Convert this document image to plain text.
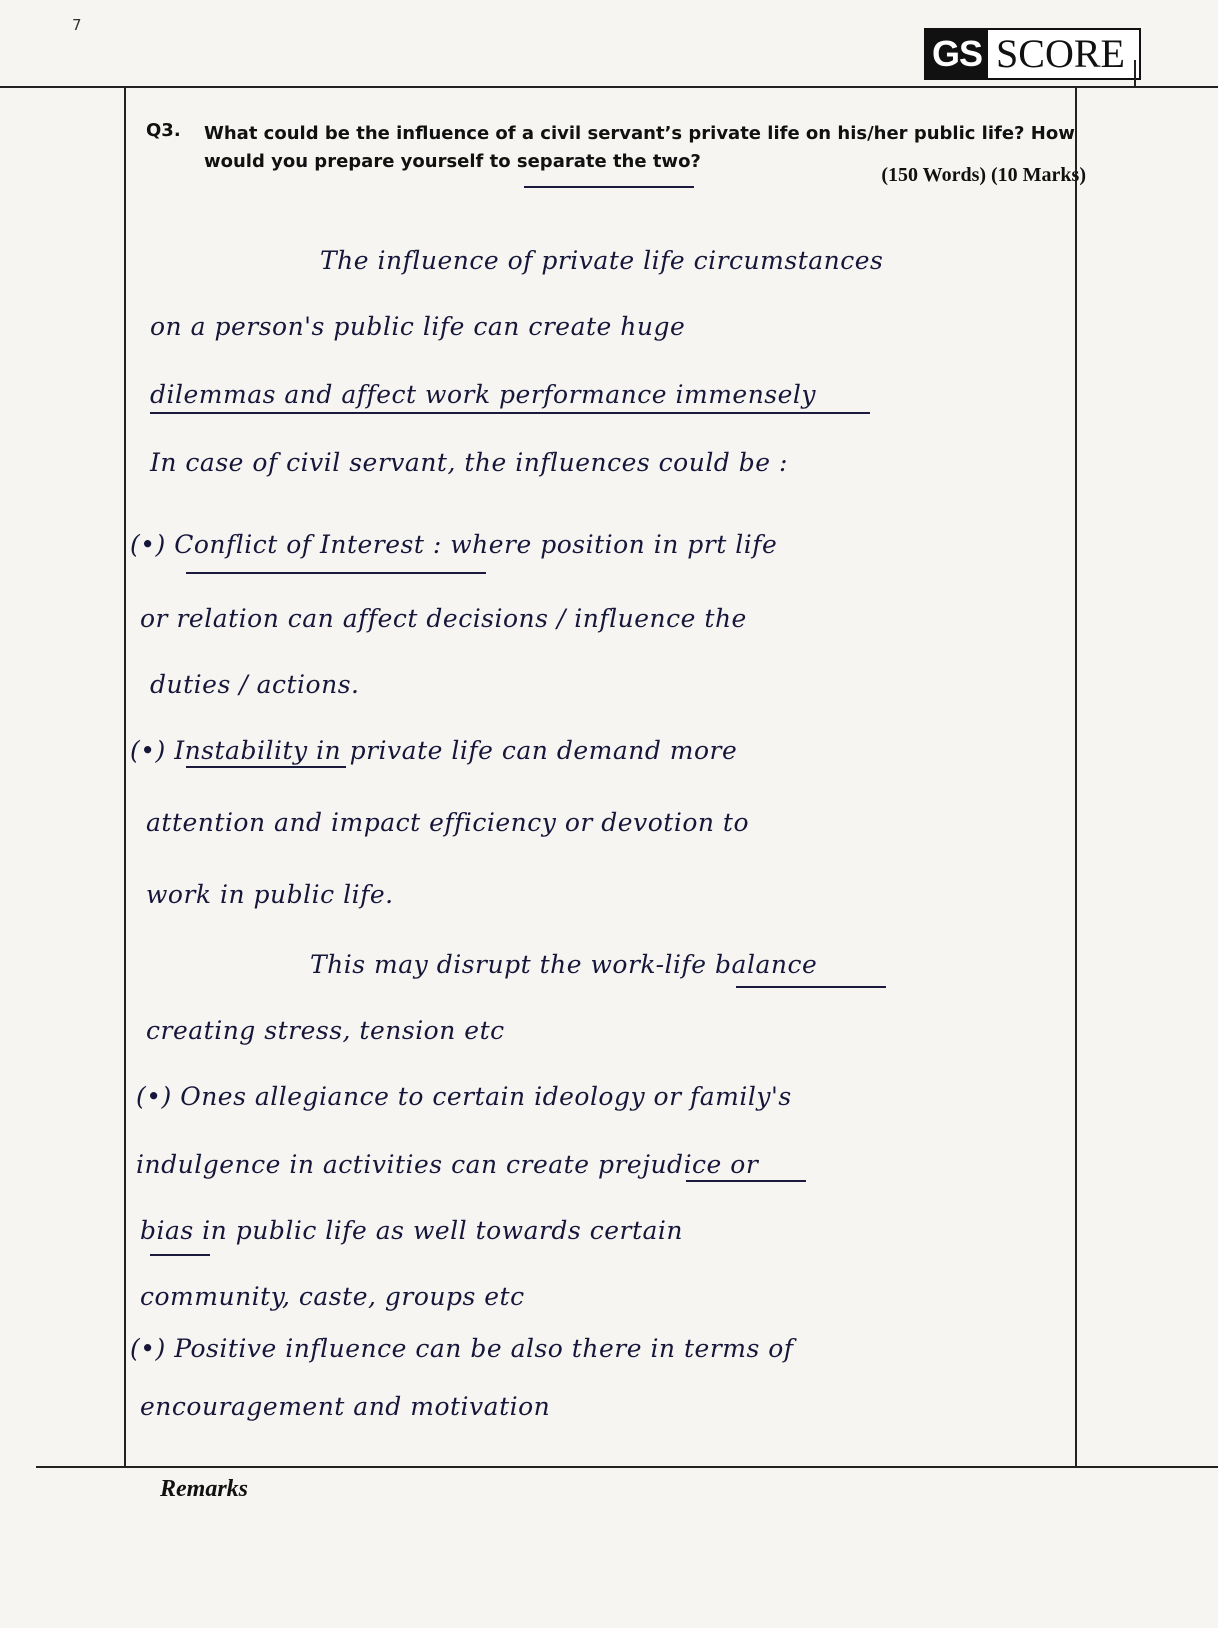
7
GS SCORE
Q3. What could be the influence of a civil servant’s private life on his/her public life? How would you prepare yourself to separate the two?
(150 Words) (10 Marks)
The influence of private life circumstances
on a person's public life can create huge
dilemmas and affect work performance immensely
In case of civil servant, the influences could be :
(•) Conflict of Interest : where position in prt life
or relation can affect decisions / influence the
duties / actions.
(•) Instability in private life can demand more
attention and impact efficiency or devotion to
work in public life.
This may disrupt the work-life balance
creating stress, tension etc
(•) Ones allegiance to certain ideology or family's
indulgence in activities can create prejudice or
bias in public life as well towards certain
community, caste, groups etc
(•) Positive influence can be also there in terms of
encouragement and motivation
Remarks
